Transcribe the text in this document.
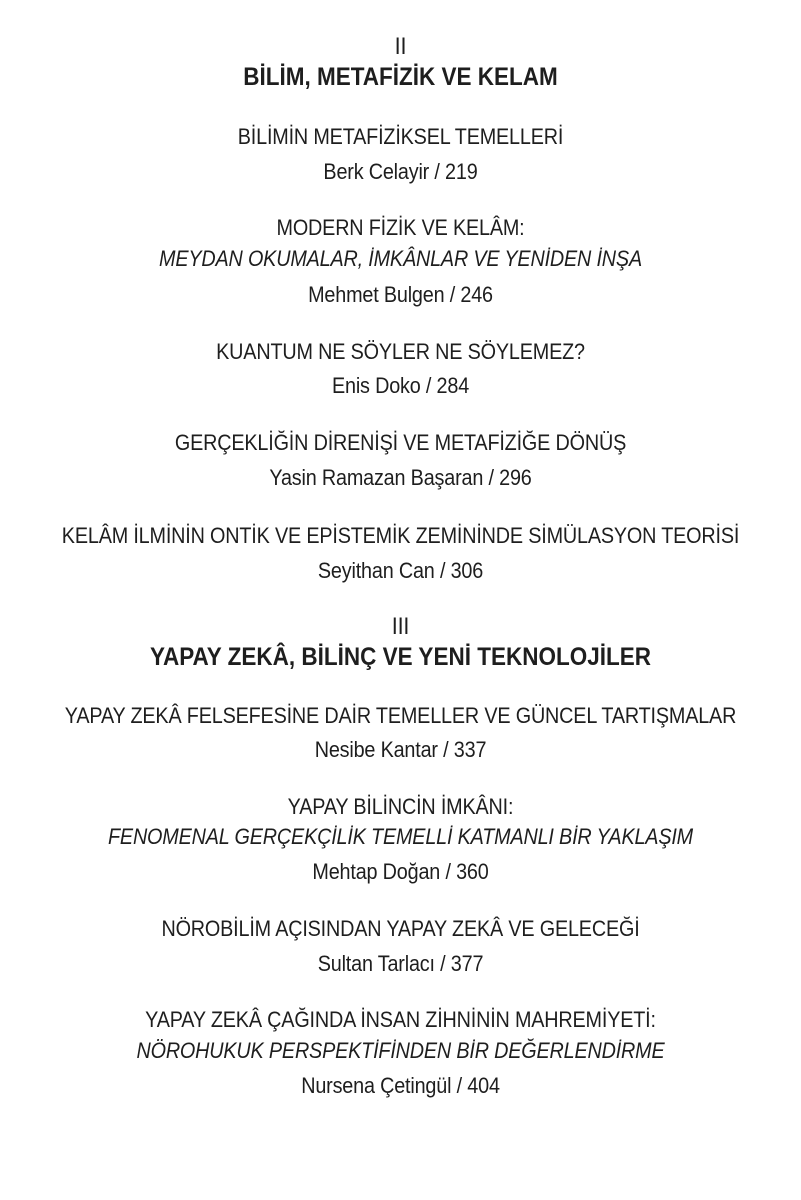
II
BİLİM, METAFİZİK VE KELAM
BİLİMİN METAFİZİKSEL TEMELLERİ
Berk Celayir / 219
MODERN FİZİK VE KELÂM:
MEYDAN OKUMALAR, İMKÂNLAR VE YENİDEN İNŞA
Mehmet Bulgen / 246
KUANTUM NE SÖYLER NE SÖYLEMEZ?
Enis Doko / 284
GERÇEKLİĞİN DİRENİŞİ VE METAFİZİĞE DÖNÜŞ
Yasin Ramazan Başaran / 296
KELÂM İLMİNİN ONTİK VE EPİSTEMİK ZEMİNİNDE SİMÜLASYON TEORİSİ
Seyithan Can / 306
III
YAPAY ZEKÂ, BİLİNÇ VE YENİ TEKNOLOJİLER
YAPAY ZEKÂ FELSEFESİNE DAİR TEMELLER VE GÜNCEL TARTIŞMALAR
Nesibe Kantar / 337
YAPAY BİLİNCİN İMKÂNI:
FENOMENAL GERÇEKÇİLİK TEMELLİ KATMANLI BİR YAKLAŞIM
Mehtap Doğan / 360
NÖROBİLİM AÇISINDAN YAPAY ZEKÂ VE GELECEĞİ
Sultan Tarlacı / 377
YAPAY ZEKÂ ÇAĞINDA İNSAN ZİHNİNİN MAHREMİYETİ:
NÖROHUKUK PERSPEKTİFİNDEN BİR DEĞERLENDİRME
Nursena Çetingül / 404
